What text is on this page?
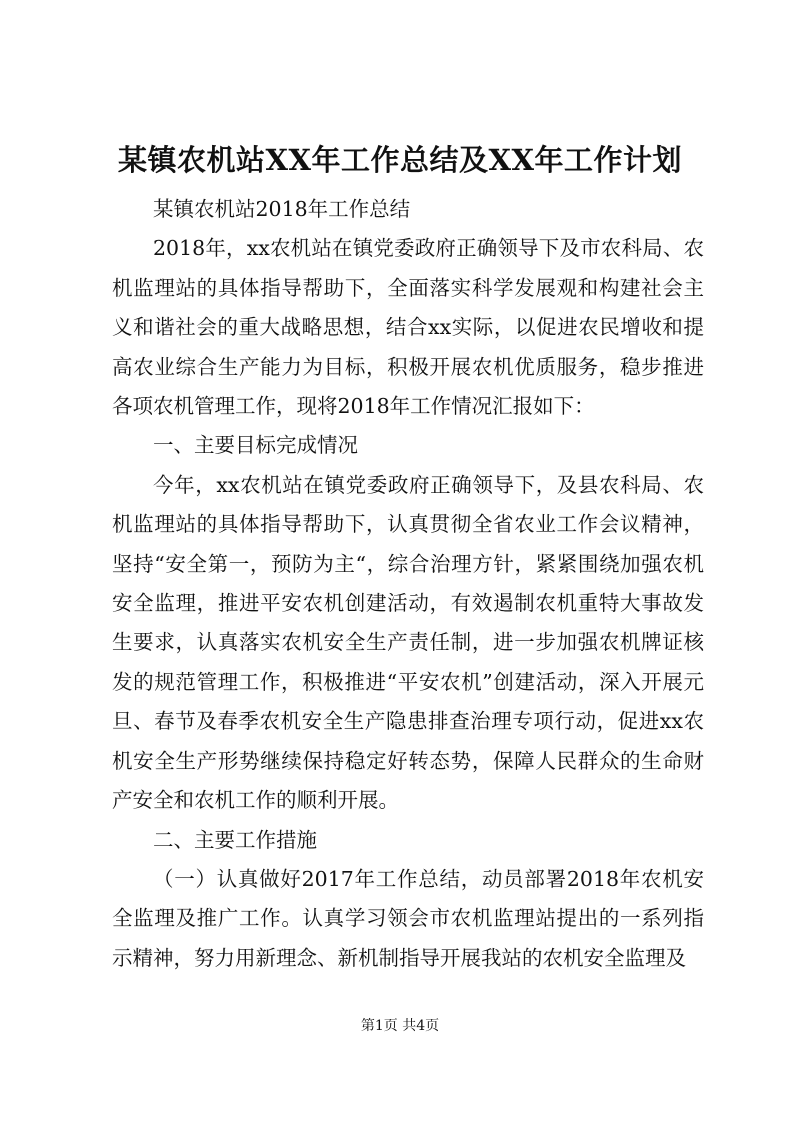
某镇农机站XX年工作总结及XX年工作计划

某镇农机站2018年工作总结

2018年，xx农机站在镇党委政府正确领导下及市农科局、农机监理站的具体指导帮助下，全面落实科学发展观和构建社会主义和谐社会的重大战略思想，结合xx实际，以促进农民增收和提高农业综合生产能力为目标，积极开展农机优质服务，稳步推进各项农机管理工作，现将2018年工作情况汇报如下：

一、主要目标完成情况

今年，xx农机站在镇党委政府正确领导下，及县农科局、农机监理站的具体指导帮助下，认真贯彻全省农业工作会议精神，坚持“安全第一，预防为主“，综合治理方针，紧紧围绕加强农机安全监理，推进平安农机创建活动，有效遏制农机重特大事故发生要求，认真落实农机安全生产责任制，进一步加强农机牌证核发的规范管理工作，积极推进“平安农机”创建活动，深入开展元旦、春节及春季农机安全生产隐患排查治理专项行动，促进xx农机安全生产形势继续保持稳定好转态势，保障人民群众的生命财产安全和农机工作的顺利开展。

二、主要工作措施

（一）认真做好2017年工作总结，动员部署2018年农机安全监理及推广工作。认真学习领会市农机监理站提出的一系列指示精神，努力用新理念、新机制指导开展我站的农机安全监理及

第1页 共4页
